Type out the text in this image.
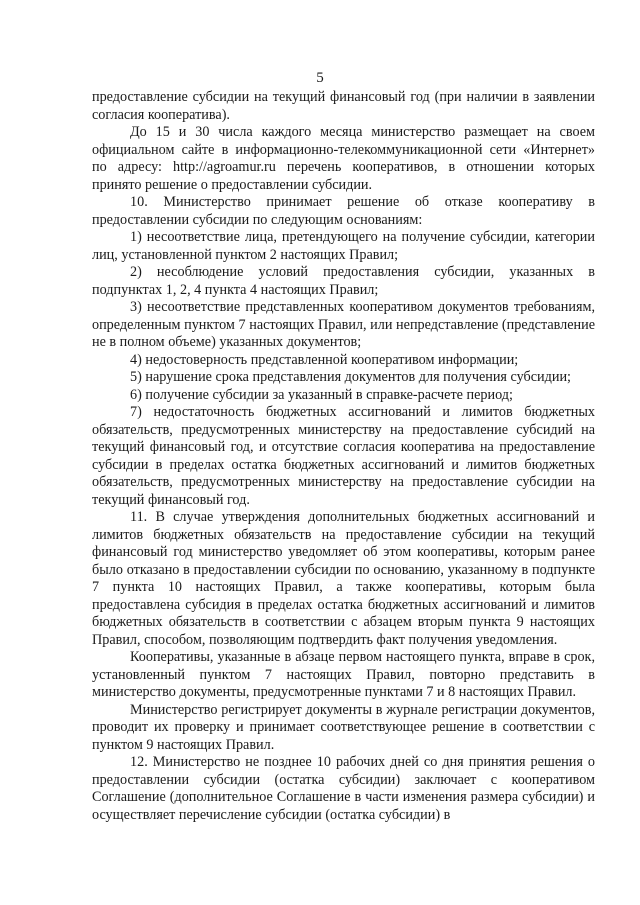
5

предоставление субсидии на текущий финансовый год (при наличии в заявлении согласия кооператива).

До 15 и 30 числа каждого месяца министерство размещает на своем официальном сайте в информационно-телекоммуникационной сети «Интернет» по адресу: http://agroamur.ru перечень кооперативов, в отношении которых принято решение о предоставлении субсидии.

10. Министерство принимает решение об отказе кооперативу в предоставлении субсидии по следующим основаниям:

1) несоответствие лица, претендующего на получение субсидии, категории лиц, установленной пунктом 2 настоящих Правил;

2) несоблюдение условий предоставления субсидии, указанных в подпунктах 1, 2, 4 пункта 4 настоящих Правил;

3) несоответствие представленных кооперативом документов требованиям, определенным пунктом 7 настоящих Правил, или непредставление (представление не в полном объеме) указанных документов;

4) недостоверность представленной кооперативом информации;

5) нарушение срока представления документов для получения субсидии;

6) получение субсидии за указанный в справке-расчете период;

7) недостаточность бюджетных ассигнований и лимитов бюджетных обязательств, предусмотренных министерству на предоставление субсидий на текущий финансовый год, и отсутствие согласия кооператива на предоставление субсидии в пределах остатка бюджетных ассигнований и лимитов бюджетных обязательств, предусмотренных министерству на предоставление субсидии на текущий финансовый год.

11. В случае утверждения дополнительных бюджетных ассигнований и лимитов бюджетных обязательств на предоставление субсидии на текущий финансовый год министерство уведомляет об этом кооперативы, которым ранее было отказано в предоставлении субсидии по основанию, указанному в подпункте 7 пункта 10 настоящих Правил, а также кооперативы, которым была предоставлена субсидия в пределах остатка бюджетных ассигнований и лимитов бюджетных обязательств в соответствии с абзацем вторым пункта 9 настоящих Правил, способом, позволяющим подтвердить факт получения уведомления.

Кооперативы, указанные в абзаце первом настоящего пункта, вправе в срок, установленный пунктом 7 настоящих Правил, повторно представить в министерство документы, предусмотренные пунктами 7 и 8 настоящих Правил.

Министерство регистрирует документы в журнале регистрации документов, проводит их проверку и принимает соответствующее решение в соответствии с пунктом 9 настоящих Правил.

12. Министерство не позднее 10 рабочих дней со дня принятия решения о предоставлении субсидии (остатка субсидии) заключает с кооперативом Соглашение (дополнительное Соглашение в части изменения размера субсидии) и осуществляет перечисление субсидии (остатка субсидии) в
